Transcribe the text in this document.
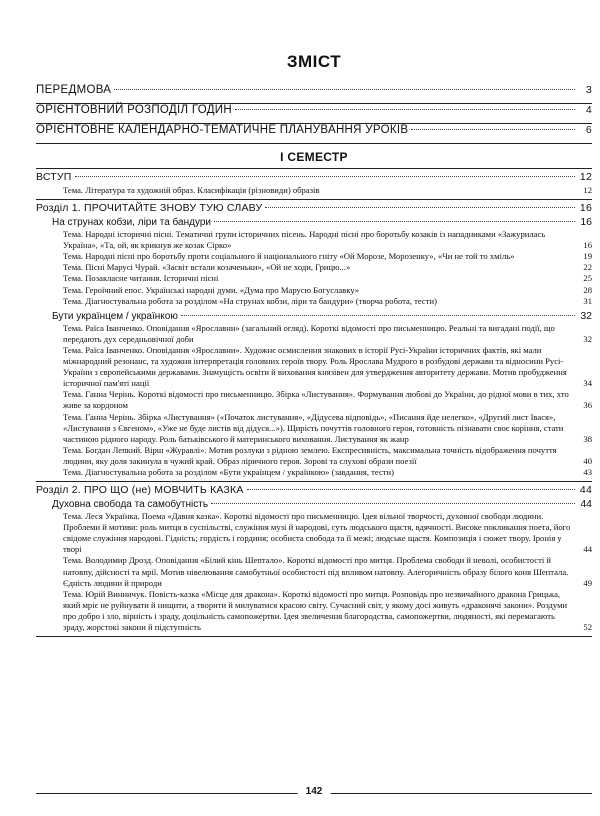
ЗМІСТ
ПЕРЕДМОВА	3
ОРІЄНТОВНИЙ РОЗПОДІЛ ГОДИН	4
ОРІЄНТОВНЕ КАЛЕНДАРНО-ТЕМАТИЧНЕ ПЛАНУВАННЯ УРОКІВ	6
І СЕМЕСТР
ВСТУП	12
Тема. Література та художній образ. Класифікація (різновиди) образів	12
Розділ 1. ПРОЧИТАЙТЕ ЗНОВУ ТУЮ СЛАВУ	16
На струнах кобзи, ліри та бандури	16
Тема. Народні історичні пісні. Тематичні групи історичних пісень. Народні пісні про боротьбу козаків із нападниками «Зажурилась Україна», «Та, ой, як крикнув же козак Сірко»	16
Тема. Народні пісні про боротьбу проти соціального й національного гніту «Ой Морозе, Морозенку», «Чи не той то хміль»	19
Тема. Пісні Марусі Чурай. «Засвіт встали козаченьки», «Ой не ходи, Грицю...»	22
Тема. Позакласне читання. Історичні пісні	25
Тема. Героїчний епос. Українські народні думи. «Дума про Марусю Богуславку»	28
Тема. Діагностувальна робота за розділом «На струнах кобзи, ліри та бандури» (творча робота, тести)	31
Бути українцем / українкою	32
Тема. Раїса Іванченко. Оповідання «Ярославни» (загальний огляд). Короткі відомості про письменницю. Реальні та вигадані події, що передають дух середньовічної доби	32
Тема. Раїса Іванченко. Оповідання «Ярославни». Художнє осмислення знакових в історії Русі-України історичних фактів, які мали міжнародний резонанс, та художня інтерпретація головних героїв твору. Роль Ярослава Мудрого в розбудові держави та відносини Русі-України з європейськими державами. Значущість освіти й виховання князівен для утвердження авторитету держави. Мотив пробудження історичної пам'яті нації	34
Тема. Ганна Черінь. Короткі відомості про письменницю. Збірка «Листування». Формування любові до України, до рідної мови в тих, хто живе за кордоном	36
Тема. Ганна Черінь. Збірка «Листування» («Початок листування», «Дідусева відповідь», «Писання йде нелегко», «Другий лист Івася», «Листування з Євгеном», «Уже не буде листів від дідуся...»). Щирість почуттів головного героя, готовність пізнавати своє коріння, стати частиною рідного народу. Роль батьківського й материнського виховання. Листування як жанр	38
Тема. Богдан Лепкий. Вірш «Журавлі». Мотив розлуки з рідною землею. Експресивність, максимальна точність відображення почуття людини, яку доля закинула в чужий край. Образ ліричного героя. Зорові та слухові образи поезії	40
Тема. Діагностувальна робота за розділом «Бути українцем / українкою» (завдання, тести)	43
Розділ 2. ПРО ЩО (не) МОВЧИТЬ КАЗКА	44
Духовна свобода та самобутність	44
Тема. Леся Українка. Поема «Давня казка». Короткі відомості про письменницю. Ідея вільної творчості, духовної свободи людини. Проблеми й мотиви: роль митця в суспільстві, служіння музі й народові, суть людського щастя, вдячності. Високе покликання поета, його свідоме служіння народові. Гідність; гордість і гординя; особиста свобода та її межі; людське щастя. Композиція і сюжет твору. Іронія у творі	44
Тема. Володимир Дрозд. Оповідання «Білий кінь Шептало». Короткі відомості про митця. Проблема свободи й неволі, особистості й натовпу, дійсності та мрії. Мотив нівелювання самобутньої особистості під впливом натовпу. Алегоричність образу білого коня Шептала. Єдність людини й природи	49
Тема. Юрій Винничук. Повість-казка «Місце для дракона». Короткі відомості про митця. Розповідь про незвичайного дракона Грицька, який мріє не руйнувати й нищити, а творити й милуватися красою світу. Сучасний світ, у якому досі живуть «драконячі закони». Роздуми про добро і зло, вірність і зраду, доцільність самопожертви. Ідея звеличення благородства, самопожертви, людяності, які перемагають зраду, жорстокі закони й підступність	52
142
